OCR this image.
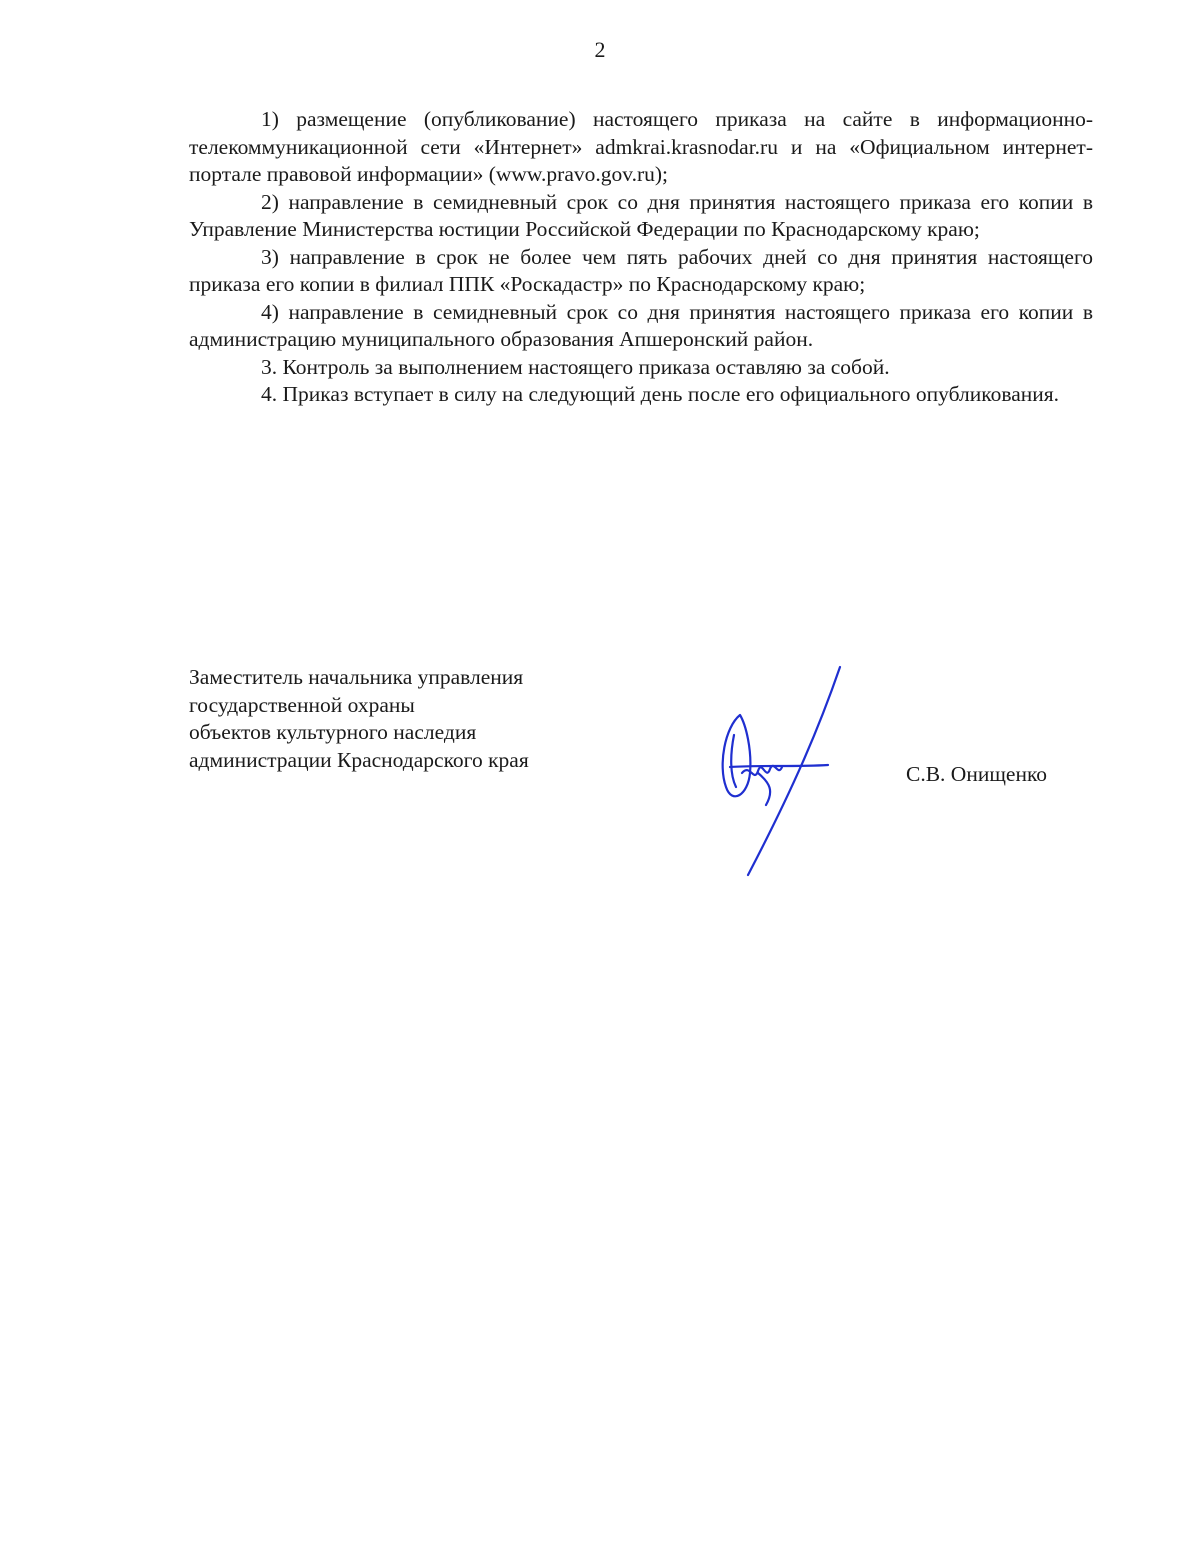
2

1) размещение (опубликование) настоящего приказа на сайте в информационно-телекоммуникационной сети «Интернет» admkrai.krasnodar.ru и на «Официальном интернет-портале правовой информации» (www.pravo.gov.ru);

2) направление в семидневный срок со дня принятия настоящего приказа его копии в Управление Министерства юстиции Российской Федерации по Краснодарскому краю;

3) направление в срок не более чем пять рабочих дней со дня принятия настоящего приказа его копии в филиал ППК «Роскадастр» по Краснодарскому краю;

4) направление в семидневный срок со дня принятия настоящего приказа его копии в администрацию муниципального образования Апшеронский район.

3. Контроль за выполнением настоящего приказа оставляю за собой.

4. Приказ вступает в силу на следующий день после его официального опубликования.

Заместитель начальника управления
государственной охраны
объектов культурного наследия
администрации Краснодарского края
С.В. Онищенко
